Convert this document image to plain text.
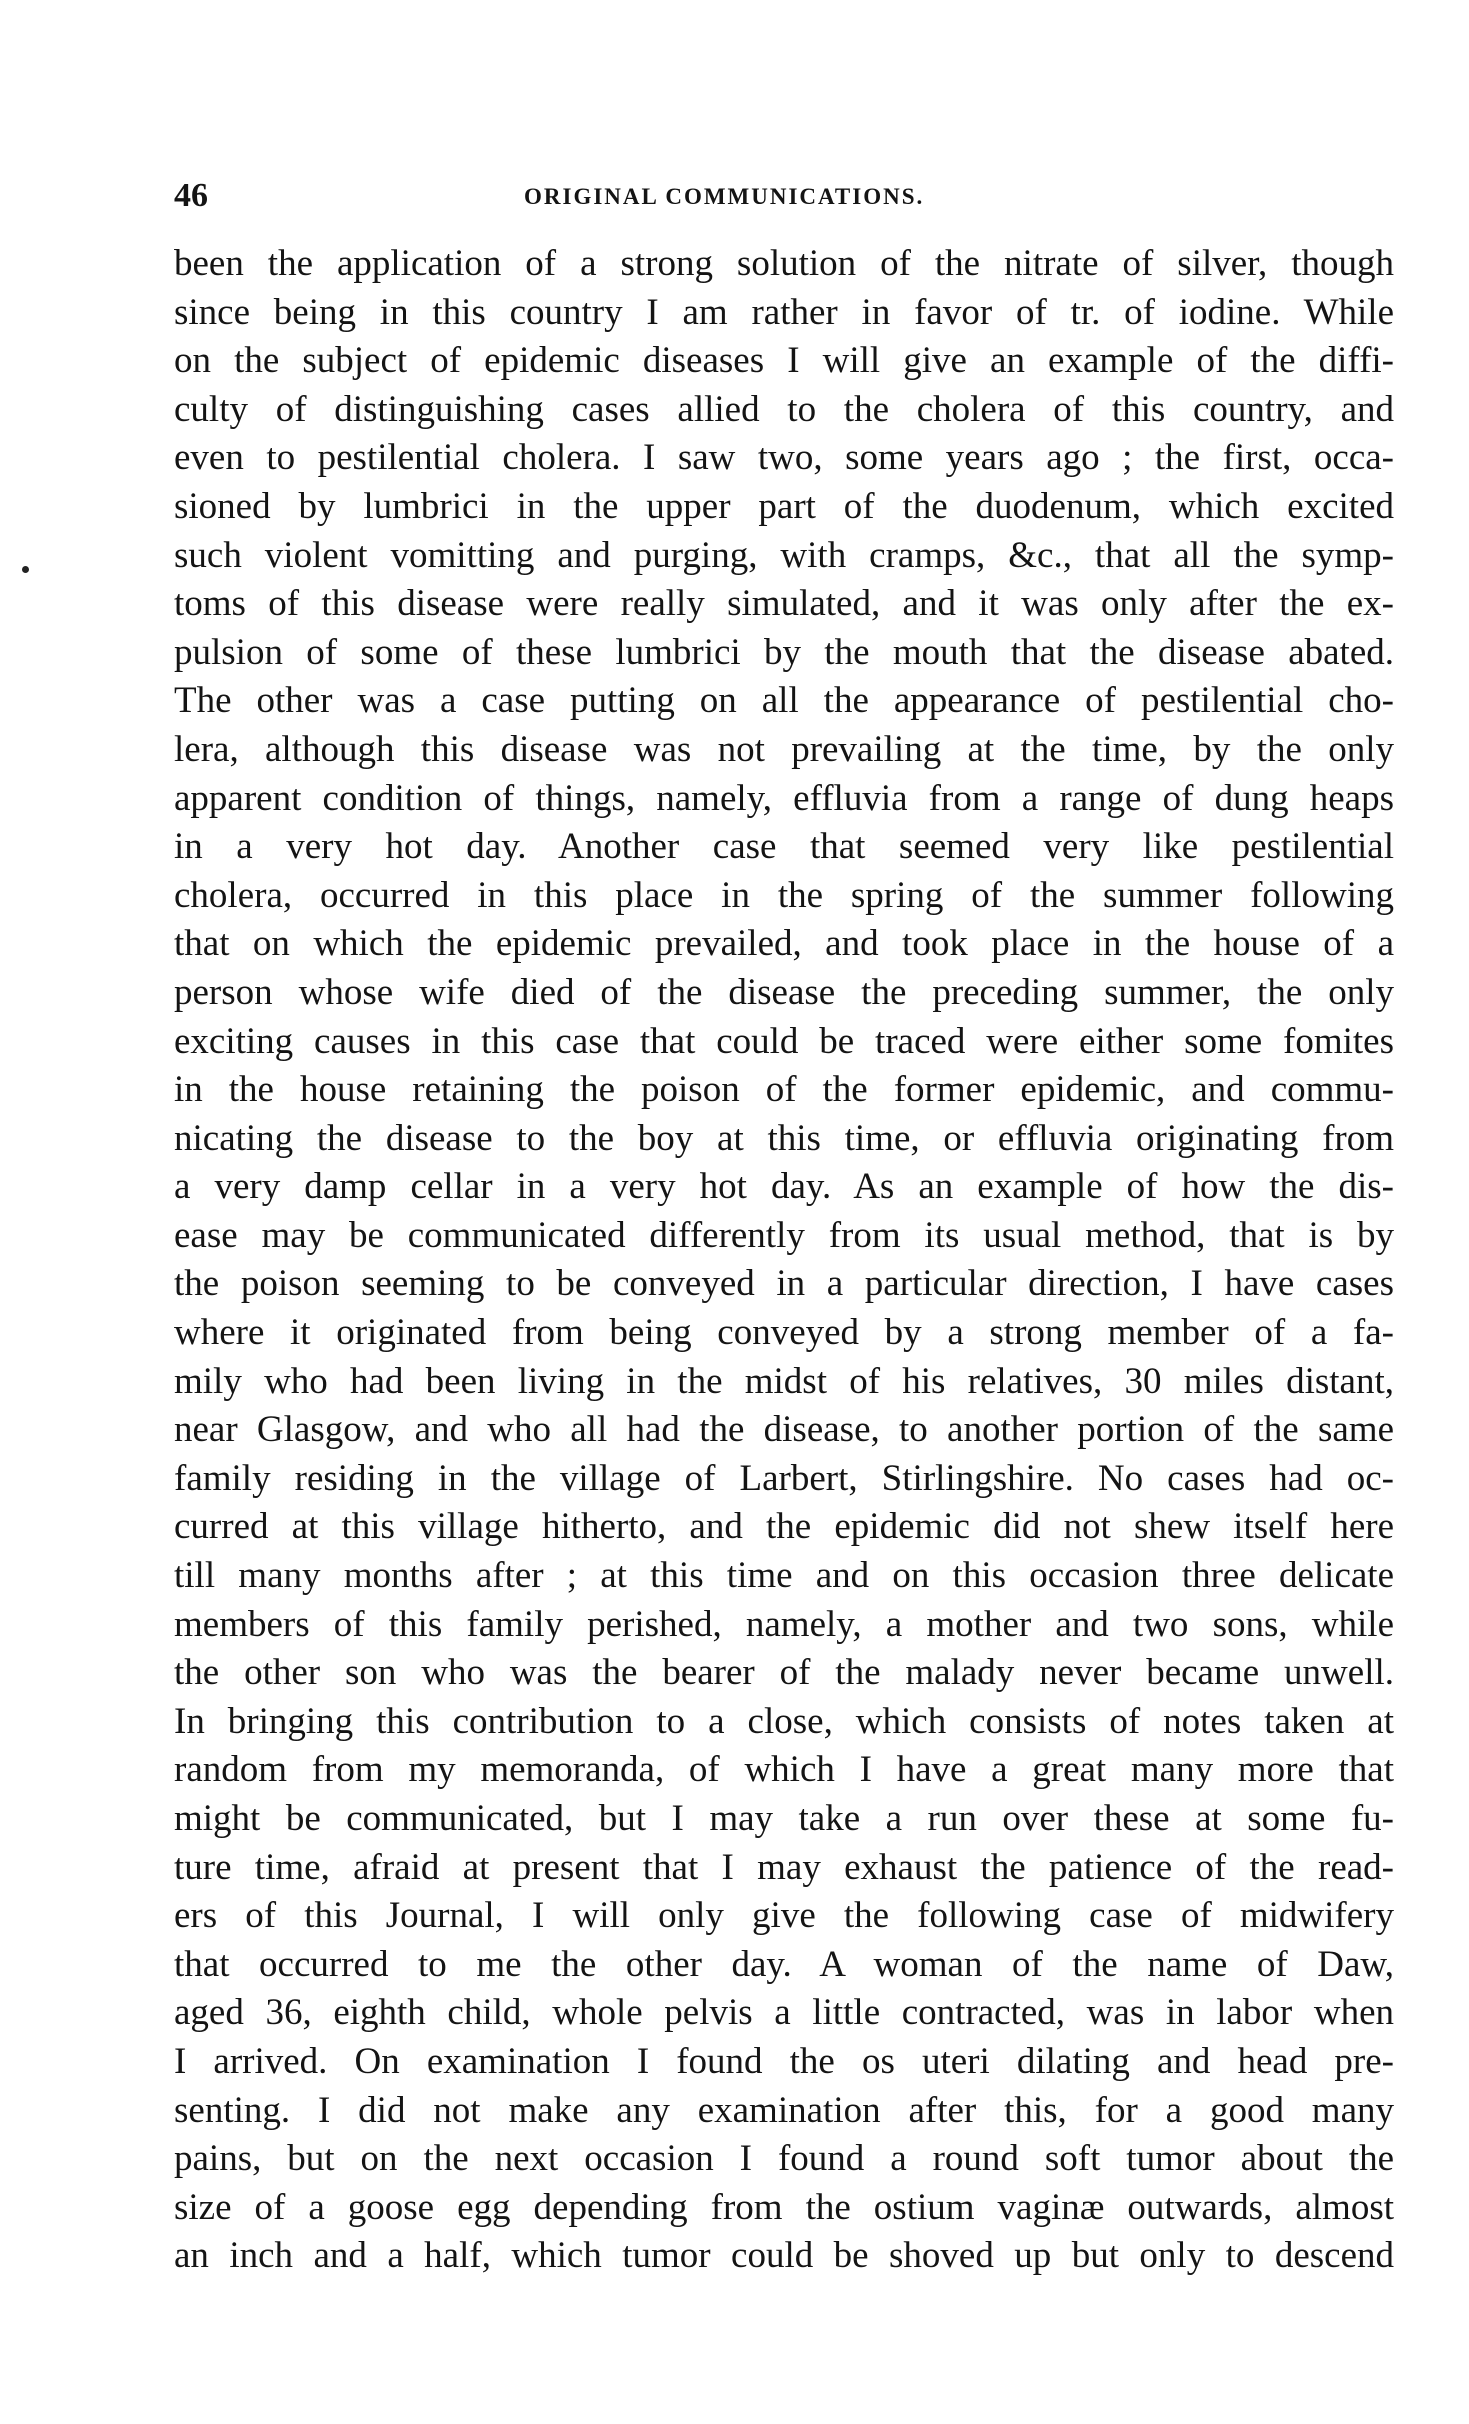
46	ORIGINAL COMMUNICATIONS.
been the application of a strong solution of the nitrate of silver, though
since being in this country I am rather in favor of tr. of iodine. While
on the subject of epidemic diseases I will give an example of the diffi-
culty of distinguishing cases allied to the cholera of this country, and
even to pestilential cholera. I saw two, some years ago ; the first, occa-
sioned by lumbrici in the upper part of the duodenum, which excited
such violent vomitting and purging, with cramps, &c., that all the symp-
toms of this disease were really simulated, and it was only after the ex-
pulsion of some of these lumbrici by the mouth that the disease abated.
The other was a case putting on all the appearance of pestilential cho-
lera, although this disease was not prevailing at the time, by the only
apparent condition of things, namely, effluvia from a range of dung heaps
in a very hot day. Another case that seemed very like pestilential
cholera, occurred in this place in the spring of the summer following
that on which the epidemic prevailed, and took place in the house of a
person whose wife died of the disease the preceding summer, the only
exciting causes in this case that could be traced were either some fomites
in the house retaining the poison of the former epidemic, and commu-
nicating the disease to the boy at this time, or effluvia originating from
a very damp cellar in a very hot day. As an example of how the dis-
ease may be communicated differently from its usual method, that is by
the poison seeming to be conveyed in a particular direction, I have cases
where it originated from being conveyed by a strong member of a fa-
mily who had been living in the midst of his relatives, 30 miles distant,
near Glasgow, and who all had the disease, to another portion of the same
family residing in the village of Larbert, Stirlingshire. No cases had oc-
curred at this village hitherto, and the epidemic did not shew itself here
till many months after ; at this time and on this occasion three delicate
members of this family perished, namely, a mother and two sons, while
the other son who was the bearer of the malady never became unwell.
In bringing this contribution to a close, which consists of notes taken at
random from my memoranda, of which I have a great many more that
might be communicated, but I may take a run over these at some fu-
ture time, afraid at present that I may exhaust the patience of the read-
ers of this Journal, I will only give the following case of midwifery
that occurred to me the other day. A woman of the name of Daw,
aged 36, eighth child, whole pelvis a little contracted, was in labor when
I arrived. On examination I found the os uteri dilating and head pre-
senting. I did not make any examination after this, for a good many
pains, but on the next occasion I found a round soft tumor about the
size of a goose egg depending from the ostium vaginæ outwards, almost
an inch and a half, which tumor could be shoved up but only to descend
